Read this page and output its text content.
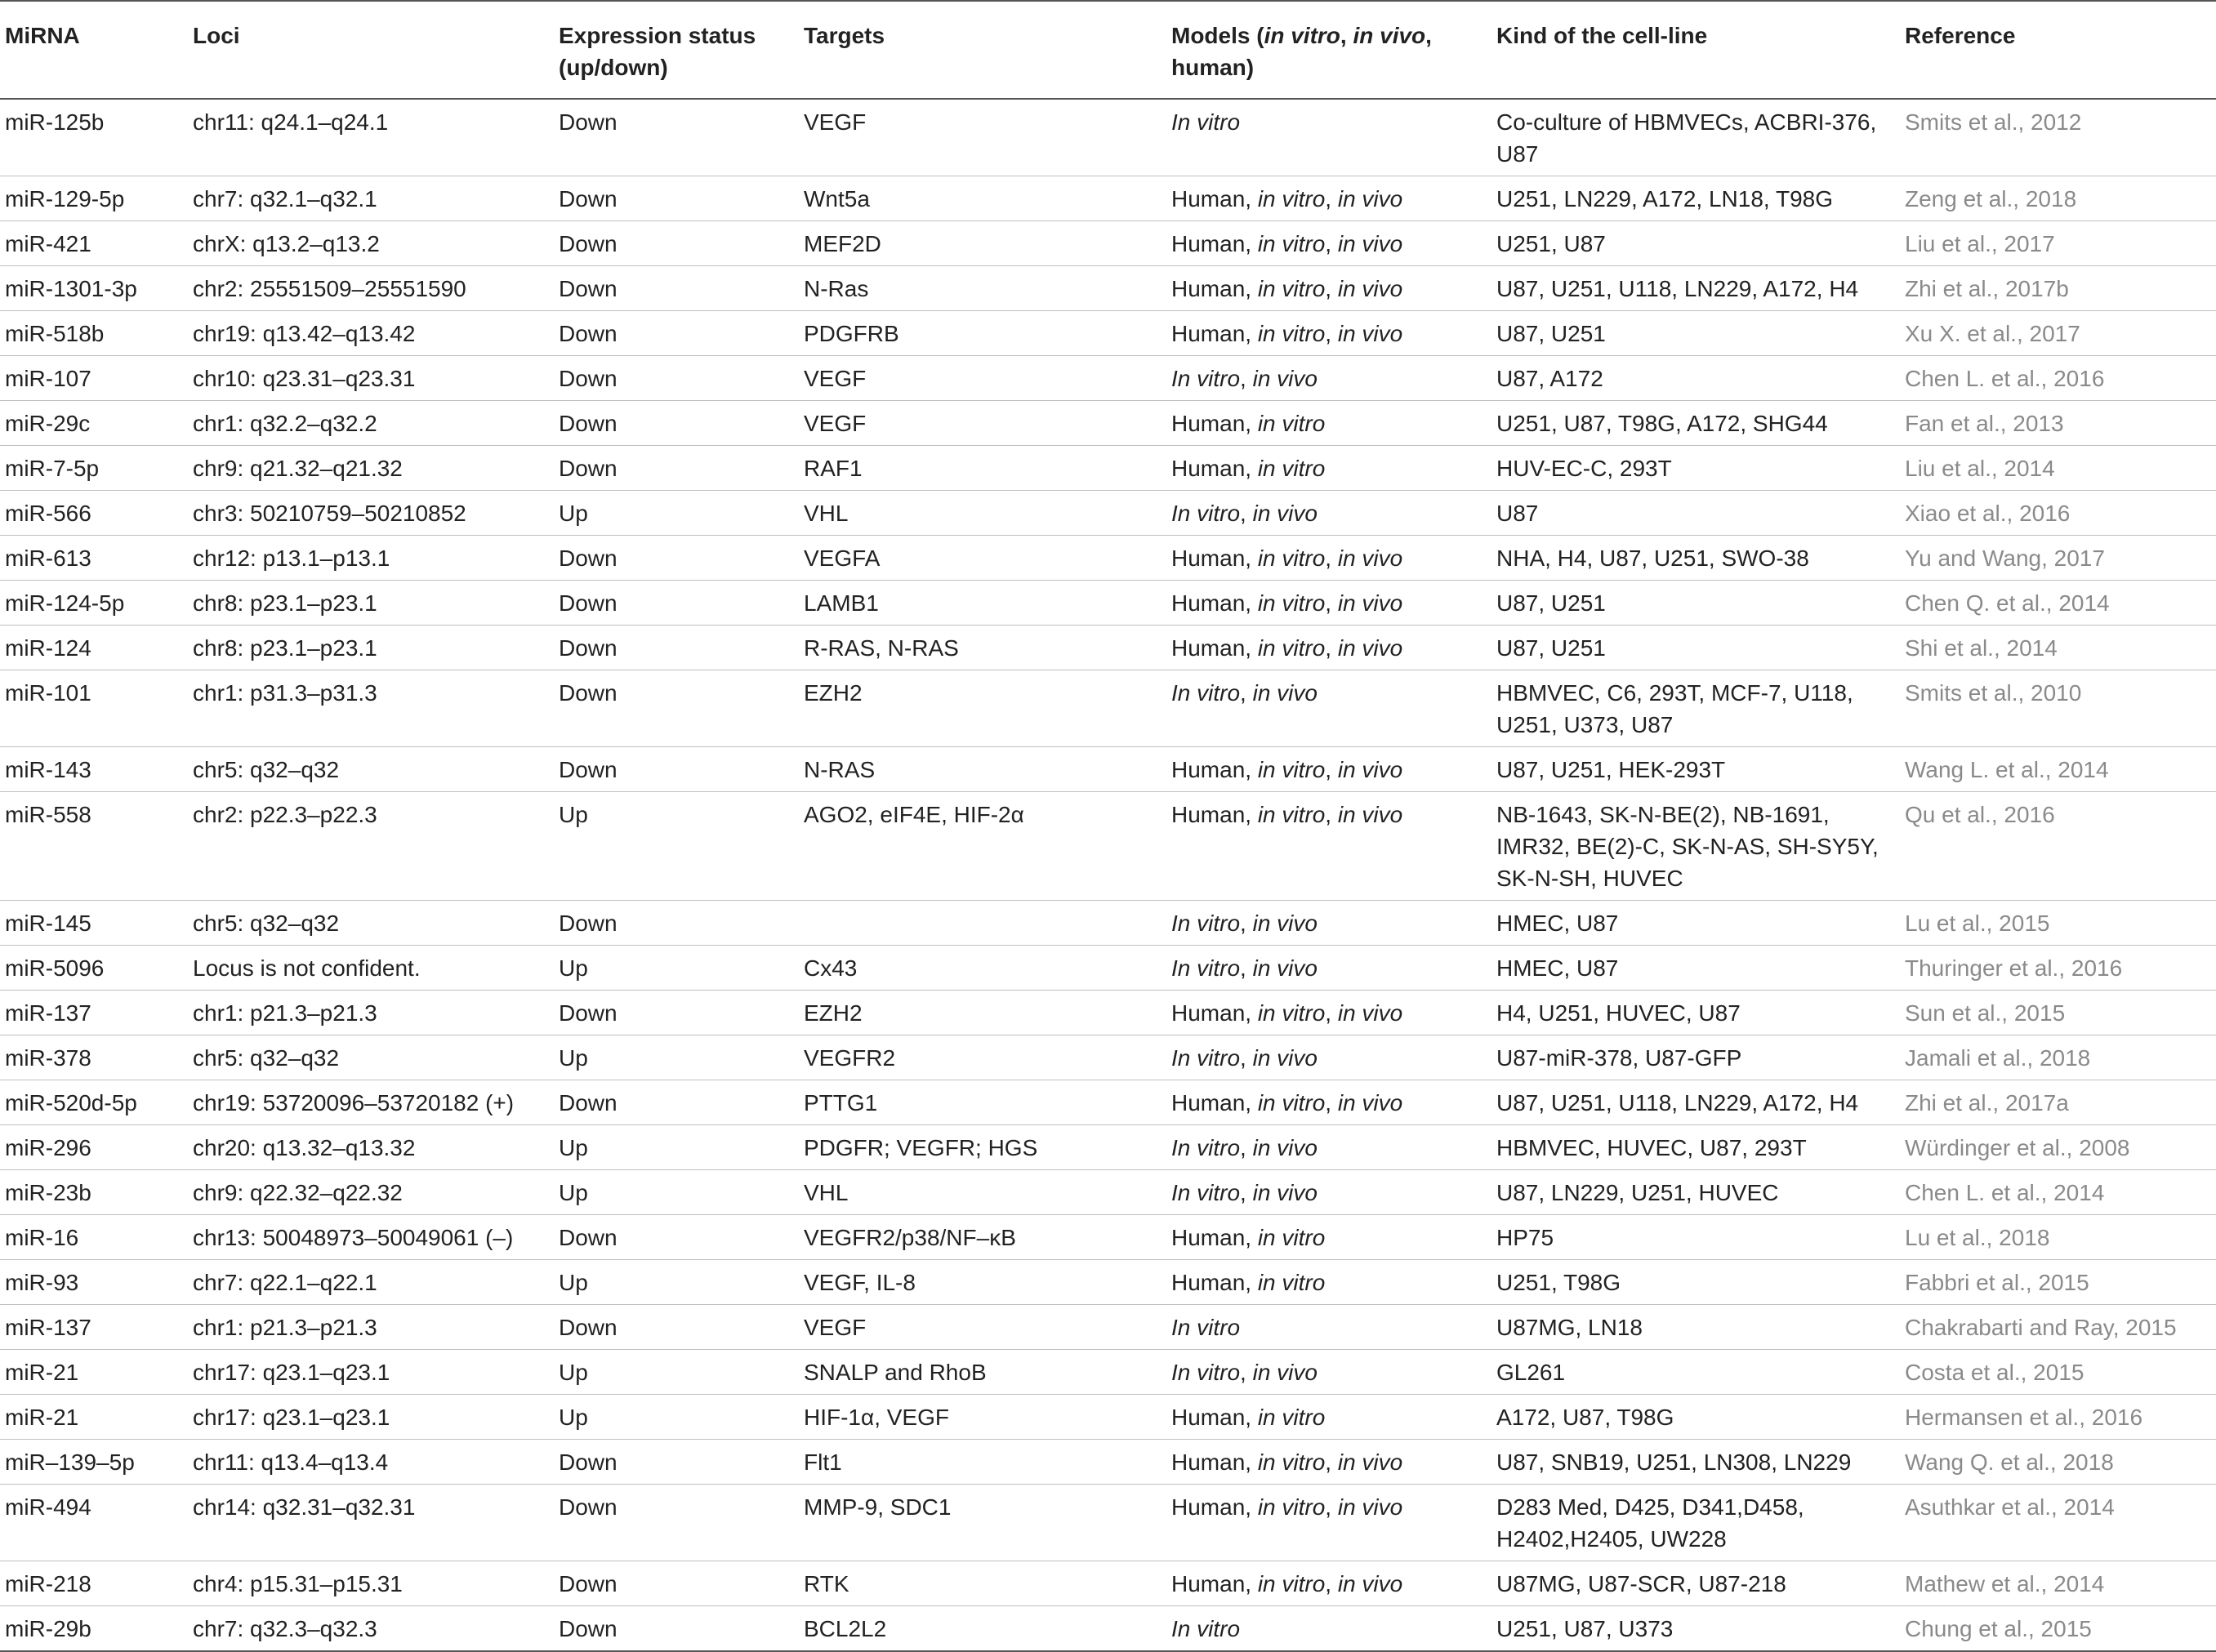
MiRNA	Loci	Expression status (up/down)	Targets	Models (in vitro, in vivo, human)	Kind of the cell-line	Reference
miR-125b	chr11: q24.1–q24.1	Down	VEGF	In vitro	Co-culture of HBMVECs, ACBRI-376, U87	Smits et al., 2012
miR-129-5p	chr7: q32.1–q32.1	Down	Wnt5a	Human, in vitro, in vivo	U251, LN229, A172, LN18, T98G	Zeng et al., 2018
miR-421	chrX: q13.2–q13.2	Down	MEF2D	Human, in vitro, in vivo	U251, U87	Liu et al., 2017
miR-1301-3p	chr2: 25551509–25551590	Down	N-Ras	Human, in vitro, in vivo	U87, U251, U118, LN229, A172, H4	Zhi et al., 2017b
miR-518b	chr19: q13.42–q13.42	Down	PDGFRB	Human, in vitro, in vivo	U87, U251	Xu X. et al., 2017
miR-107	chr10: q23.31–q23.31	Down	VEGF	In vitro, in vivo	U87, A172	Chen L. et al., 2016
miR-29c	chr1: q32.2–q32.2	Down	VEGF	Human, in vitro	U251, U87, T98G, A172, SHG44	Fan et al., 2013
miR-7-5p	chr9: q21.32–q21.32	Down	RAF1	Human, in vitro	HUV-EC-C, 293T	Liu et al., 2014
miR-566	chr3: 50210759–50210852	Up	VHL	In vitro, in vivo	U87	Xiao et al., 2016
miR-613	chr12: p13.1–p13.1	Down	VEGFA	Human, in vitro, in vivo	NHA, H4, U87, U251, SWO-38	Yu and Wang, 2017
miR-124-5p	chr8: p23.1–p23.1	Down	LAMB1	Human, in vitro, in vivo	U87, U251	Chen Q. et al., 2014
miR-124	chr8: p23.1–p23.1	Down	R-RAS, N-RAS	Human, in vitro, in vivo	U87, U251	Shi et al., 2014
miR-101	chr1: p31.3–p31.3	Down	EZH2	In vitro, in vivo	HBMVEC, C6, 293T, MCF-7, U118, U251, U373, U87	Smits et al., 2010
miR-143	chr5: q32–q32	Down	N-RAS	Human, in vitro, in vivo	U87, U251, HEK-293T	Wang L. et al., 2014
miR-558	chr2: p22.3–p22.3	Up	AGO2, eIF4E, HIF-2α	Human, in vitro, in vivo	NB-1643, SK-N-BE(2), NB-1691, IMR32, BE(2)-C, SK-N-AS, SH-SY5Y, SK-N-SH, HUVEC	Qu et al., 2016
miR-145	chr5: q32–q32	Down		In vitro, in vivo	HMEC, U87	Lu et al., 2015
miR-5096	Locus is not confident.	Up	Cx43	In vitro, in vivo	HMEC, U87	Thuringer et al., 2016
miR-137	chr1: p21.3–p21.3	Down	EZH2	Human, in vitro, in vivo	H4, U251, HUVEC, U87	Sun et al., 2015
miR-378	chr5: q32–q32	Up	VEGFR2	In vitro, in vivo	U87-miR-378, U87-GFP	Jamali et al., 2018
miR-520d-5p	chr19: 53720096–53720182 (+)	Down	PTTG1	Human, in vitro, in vivo	U87, U251, U118, LN229, A172, H4	Zhi et al., 2017a
miR-296	chr20: q13.32–q13.32	Up	PDGFR; VEGFR; HGS	In vitro, in vivo	HBMVEC, HUVEC, U87, 293T	Würdinger et al., 2008
miR-23b	chr9: q22.32–q22.32	Up	VHL	In vitro, in vivo	U87, LN229, U251, HUVEC	Chen L. et al., 2014
miR-16	chr13: 50048973–50049061 (–)	Down	VEGFR2/p38/NF–κB	Human, in vitro	HP75	Lu et al., 2018
miR-93	chr7: q22.1–q22.1	Up	VEGF, IL-8	Human, in vitro	U251, T98G	Fabbri et al., 2015
miR-137	chr1: p21.3–p21.3	Down	VEGF	In vitro	U87MG, LN18	Chakrabarti and Ray, 2015
miR-21	chr17: q23.1–q23.1	Up	SNALP and RhoB	In vitro, in vivo	GL261	Costa et al., 2015
miR-21	chr17: q23.1–q23.1	Up	HIF-1α, VEGF	Human, in vitro	A172, U87, T98G	Hermansen et al., 2016
miR–139–5p	chr11: q13.4–q13.4	Down	Flt1	Human, in vitro, in vivo	U87, SNB19, U251, LN308, LN229	Wang Q. et al., 2018
miR-494	chr14: q32.31–q32.31	Down	MMP-9, SDC1	Human, in vitro, in vivo	D283 Med, D425, D341,D458, H2402,H2405, UW228	Asuthkar et al., 2014
miR-218	chr4: p15.31–p15.31	Down	RTK	Human, in vitro, in vivo	U87MG, U87-SCR, U87-218	Mathew et al., 2014
miR-29b	chr7: q32.3–q32.3	Down	BCL2L2	In vitro	U251, U87, U373	Chung et al., 2015
